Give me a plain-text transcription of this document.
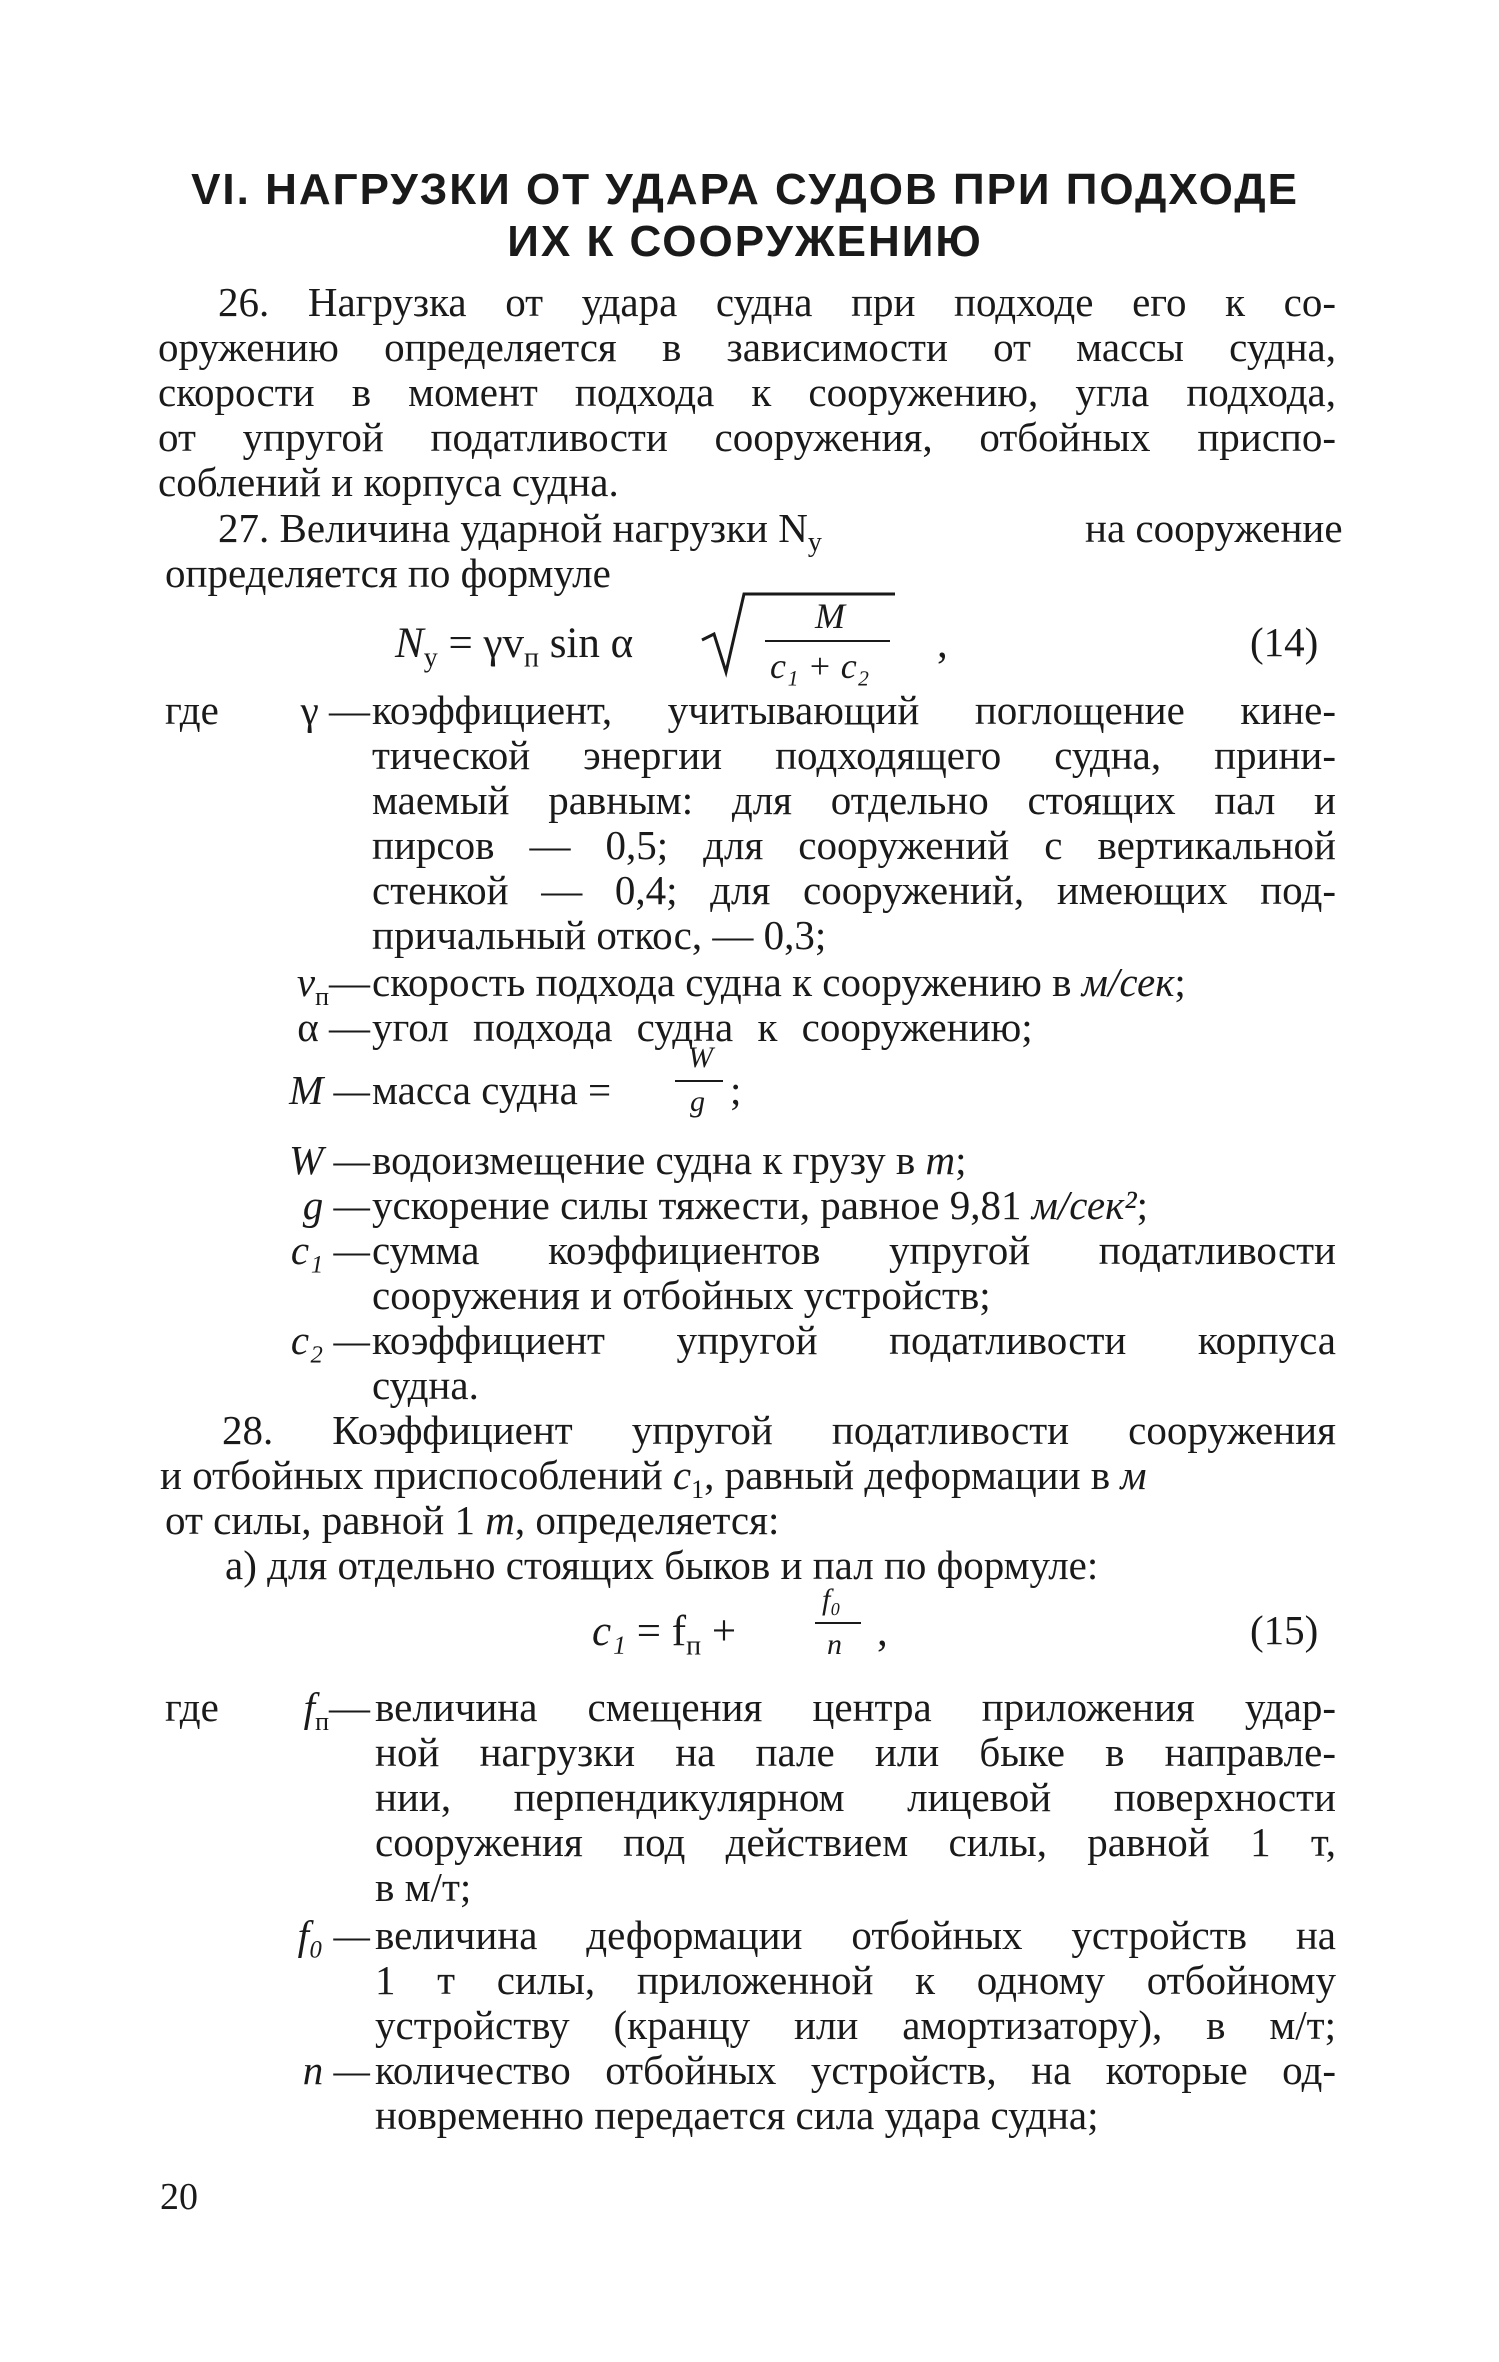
VI. НАГРУЗКИ ОТ УДАРА СУДОВ ПРИ ПОДХОДЕ
ИХ К СООРУЖЕНИЮ
26. Нагрузка от удара судна при подходе его к со-
оружению определяется в зависимости от массы судна,
скорости в момент подхода к сооружению, угла подхода,
от упругой податливости сооружения, отбойных приспо-
соблений и корпуса судна.
27. Величина ударной нагрузки $N_у$	на сооружение
определяется по формуле
$N_у = \gamma v_п$ sin α
M
c₁ + c₂ ,	(14)
где	γ — коэффициент, учитывающий поглощение кине-
тической энергии подходящего судна, прини-
маемый равным: для отдельно стоящих пал и
пирсов — 0,5; для сооружений с вертикальной
стенкой — 0,4; для сооружений, имеющих под-
причальный откос, — 0,3;
$v_п—$ скорость подхода судна к сооружению в м/сек;
α — угол подхода судна к сооружению;
M — масса судна =
W
g ;
W — водоизмещение судна к грузу в т;
g — ускорение силы тяжести, равное 9,81 м/сек²;
c₁ — сумма коэффициентов упругой податливости
сооружения и отбойных устройств;
c₂ — коэффициент упругой податливости корпуса
судна.
28. Коэффициент упругой податливости сооружения
и отбойных приспособлений $c_1$, равный деформации в м
от силы, равной 1 т, определяется:
а) для отдельно стоящих быков и пал по формуле:
$c_1 = f_п$ +
f₀
n ,	(15)
где	$f_п—$ величина смещения центра приложения удар-
ной нагрузки на пале или быке в направле-
нии, перпендикулярном лицевой поверхности
сооружения под действием силы, равной 1 т,
в м/т;
f₀ — величина деформации отбойных устройств на
1 т силы, приложенной к одному отбойному
устройству (кранцу или амортизатору), в м/т;
n — количество отбойных устройств, на которые од-
новременно передается сила удара судна;
20
